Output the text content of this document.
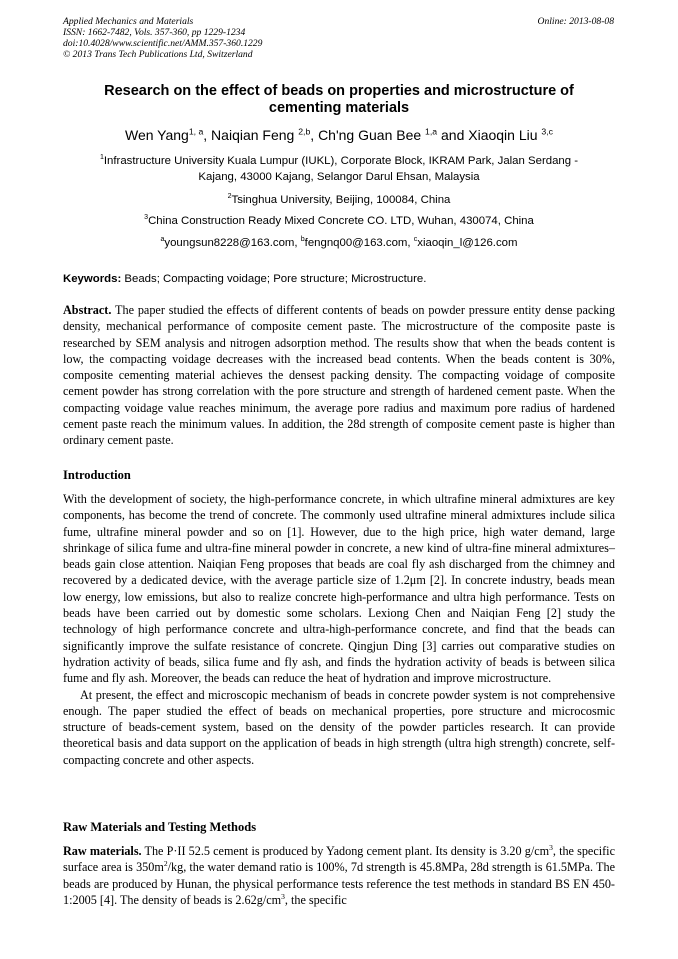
Applied Mechanics and Materials
ISSN: 1662-7482, Vols. 357-360, pp 1229-1234
doi:10.4028/www.scientific.net/AMM.357-360.1229
© 2013 Trans Tech Publications Ltd, Switzerland
Online: 2013-08-08
Research on the effect of beads on properties and microstructure of
cementing materials
Wen Yang$^{1, a}$, Naiqian Feng $^{2,b}$, Ch'ng Guan Bee $^{1,a}$ and Xiaoqin Liu $^{3,c}$
$^1$Infrastructure University Kuala Lumpur (IUKL), Corporate Block, IKRAM Park, Jalan Serdang -
Kajang, 43000 Kajang, Selangor Darul Ehsan, Malaysia
$^2$Tsinghua University, Beijing, 100084, China
$^3$China Construction Ready Mixed Concrete CO. LTD, Wuhan, 430074, China
$^a$youngsun8228@163.com, $^b$fengnq00@163.com, $^c$xiaoqin_l@126.com
Keywords: Beads; Compacting voidage; Pore structure; Microstructure.

Abstract. The paper studied the effects of different contents of beads on powder pressure entity dense packing density, mechanical performance of composite cement paste. The microstructure of the composite paste is researched by SEM analysis and nitrogen adsorption method. The results show that when the beads content is low, the compacting voidage decreases with the increased bead contents. When the beads content is 30%, composite cementing material achieves the densest packing density. The compacting voidage of composite cement powder has strong correlation with the pore structure and strength of hardened cement paste. When the compacting voidage value reaches minimum, the average pore radius and maximum pore radius of hardened cement paste reach the minimum values. In addition, the 28d strength of composite cement paste is higher than ordinary cement paste.

Introduction

With the development of society, the high-performance concrete, in which ultrafine mineral admixtures are key components, has become the trend of concrete. The commonly used ultrafine mineral admixtures include silica fume, ultrafine mineral powder and so on [1]. However, due to the high price, high water demand, large shrinkage of silica fume and ultra-fine mineral powder in concrete, a new kind of ultra-fine mineral admixtures–beads gain close attention. Naiqian Feng proposes that beads are coal fly ash discharged from the chimney and recovered by a dedicated device, with the average particle size of 1.2μm [2]. In concrete industry, beads mean low energy, low emissions, but also to realize concrete high-performance and ultra high performance. Tests on beads have been carried out by domestic some scholars. Lexiong Chen and Naiqian Feng [2] study the technology of high performance concrete and ultra-high-performance concrete, and find that the beads can significantly improve the sulfate resistance of concrete. Qingjun Ding [3] carries out comparative studies on hydration activity of beads, silica fume and fly ash, and finds the hydration activity of beads is between silica fume and fly ash. Moreover, the beads can reduce the heat of hydration and improve microstructure.

At present, the effect and microscopic mechanism of beads in concrete powder system is not comprehensive enough. The paper studied the effect of beads on mechanical properties, pore structure and microcosmic structure of beads-cement system, based on the density of the powder particles research. It can provide theoretical basis and data support on the application of beads in high strength (ultra high strength) concrete, self-compacting concrete and other aspects.

Raw Materials and Testing Methods

Raw materials. The P·II 52.5 cement is produced by Yadong cement plant. Its density is 3.20 $g/cm^3$, the specific surface area is $350m^2/kg$, the water demand ratio is 100%, 7d strength is 45.8MPa, 28d strength is 61.5MPa. The beads are produced by Hunan, the physical performance tests reference the test methods in standard BS EN 450-1:2005 [4]. The density of beads is $2.62g/cm^3$, the specific
